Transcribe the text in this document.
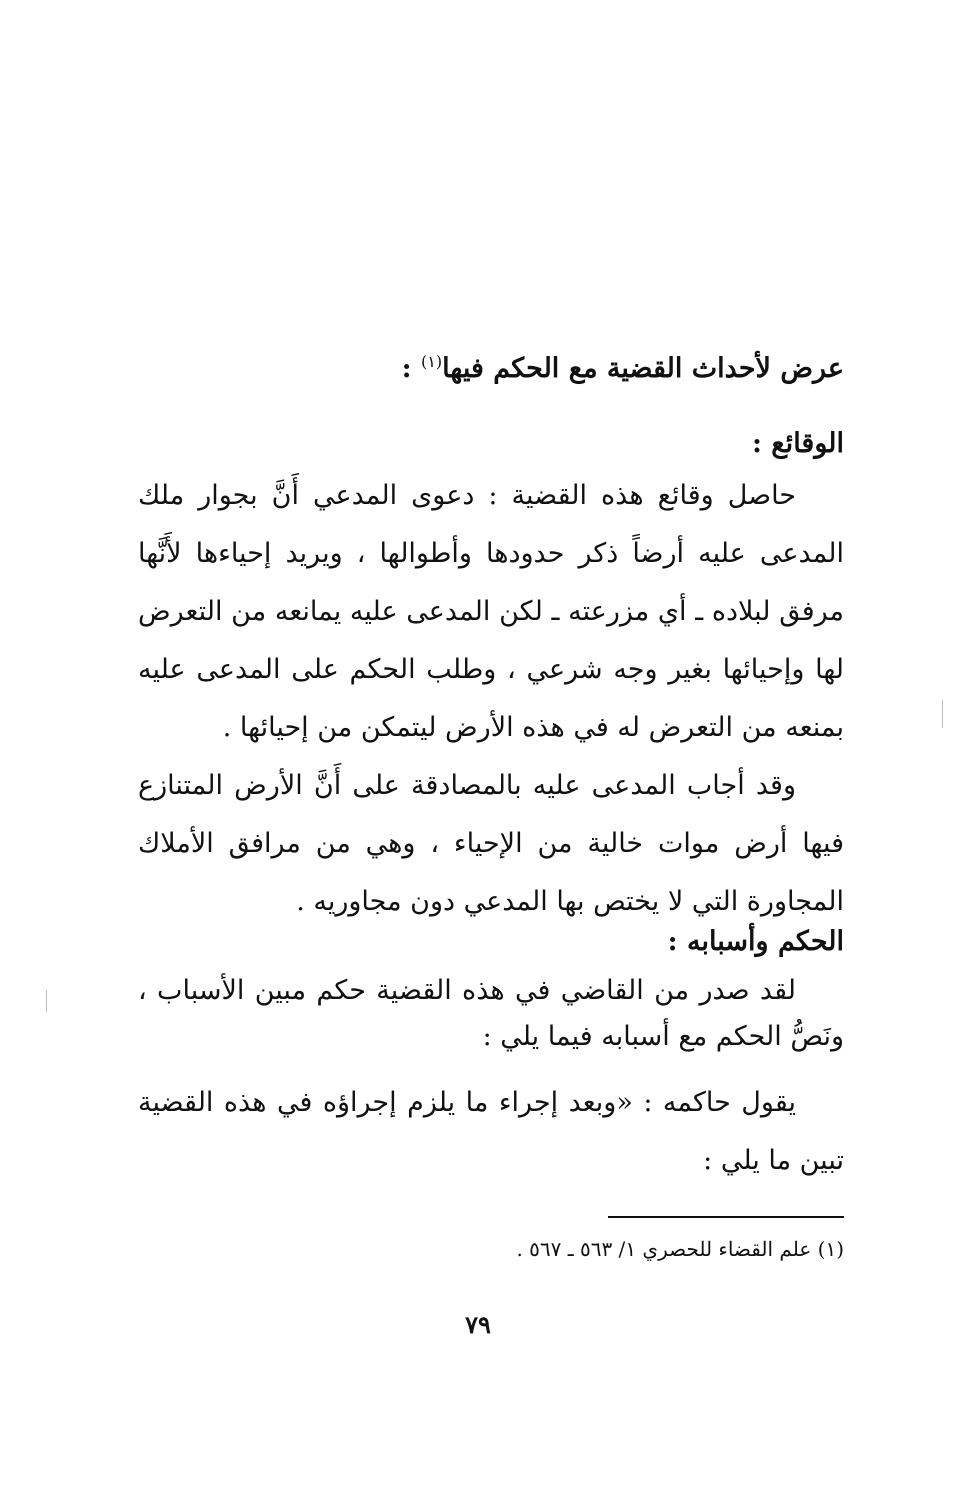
عرض لأحداث القضية مع الحكم فيها$^{(١)}$ :
الوقائع :

حاصل وقائع هذه القضية : دعوى المدعي أَنَّ بجوار ملك المدعى عليه أرضاً ذكر حدودها وأطوالها ، ويريد إحياءها لأَنَّها مرفق لبلاده ـ أي مزرعته ـ لكن المدعى عليه يمانعه من التعرض لها وإحيائها بغير وجه شرعي ، وطلب الحكم على المدعى عليه بمنعه من التعرض له في هذه الأرض ليتمكن من إحيائها .

وقد أجاب المدعى عليه بالمصادقة على أَنَّ الأرض المتنازع فيها أرض موات خالية من الإحياء ، وهي من مرافق الأملاك المجاورة التي لا يختص بها المدعي دون مجاوريه .

الحكم وأسبابه :

لقد صدر من القاضي في هذه القضية حكم مبين الأسباب ، ونَصُّ الحكم مع أسبابه فيما يلي :

يقول حاكمه : «وبعد إجراء ما يلزم إجراؤه في هذه القضية تبين ما يلي :

(١) علم القضاء للحصري ١/ ٥٦٣ ـ ٥٦٧ .

٧٩
